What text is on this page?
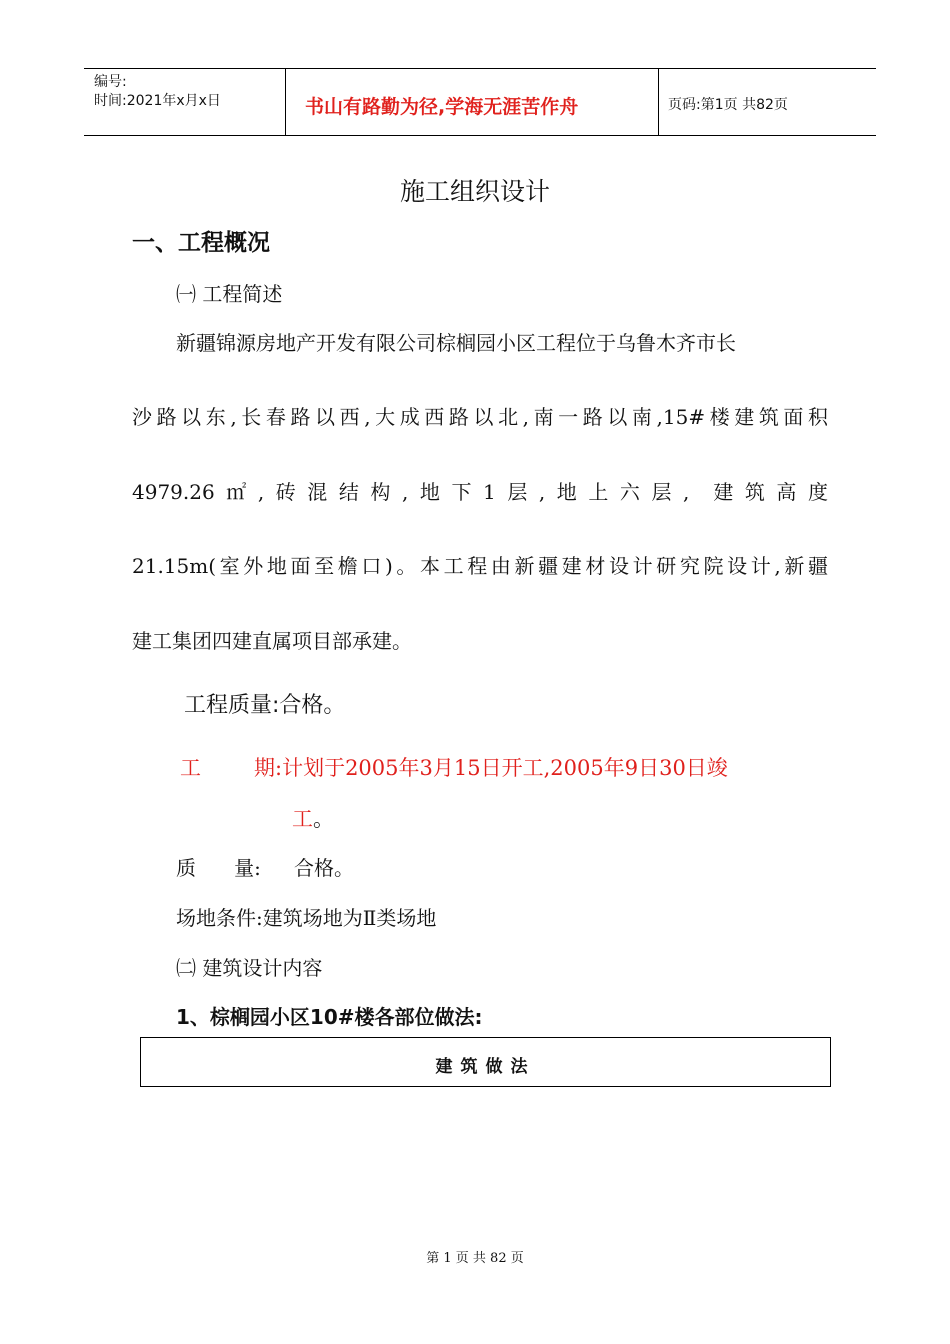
编号:
时间:2021年x月x日	书山有路勤为径,学海无涯苦作舟	页码:第1页 共82页
施工组织设计
一、工程概况
㈠ 工程简述
新疆锦源房地产开发有限公司棕榈园小区工程位于乌鲁木齐市长
沙路以东,长春路以西,大成西路以北,南一路以南,15#楼建筑面积
4979.26㎡,砖混结构,地下1层,地上六层, 建筑高度
21.15m(室外地面至檐口)。本工程由新疆建材设计研究院设计,新疆
建工集团四建直属项目部承建。
工程质量:合格。
工	期:计划于2005年3月15日开工,2005年9日30日竣
工。
质      量: 合格。
场地条件:建筑场地为Ⅱ类场地
㈡ 建筑设计内容
1、棕榈园小区10#楼各部位做法:
建筑做法
第 1 页 共 82 页
